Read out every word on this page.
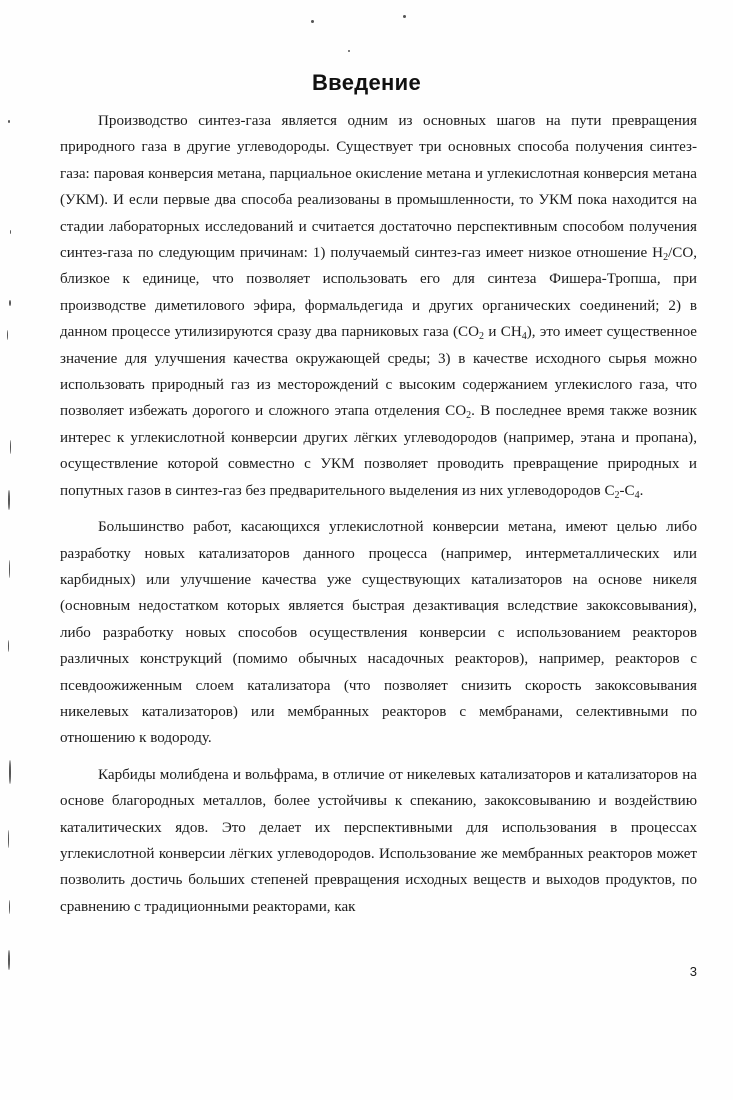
Введение

Производство синтез-газа является одним из основных шагов на пути превращения природного газа в другие углеводороды. Существует три основных способа получения синтез-газа: паровая конверсия метана, парциальное окисление метана и углекислотная конверсия метана (УКМ). И если первые два способа реализованы в промышленности, то УКМ пока находится на стадии лабораторных исследований и считается достаточно перспективным способом получения синтез-газа по следующим причинам: 1) получаемый синтез-газ имеет низкое отношение $H_2/CO$, близкое к единице, что позволяет использовать его для синтеза Фишера-Тропша, при производстве диметилового эфира, формальдегида и других органических соединений; 2) в данном процессе утилизируются сразу два парниковых газа ($CO_2$ и $CH_4$), это имеет существенное значение для улучшения качества окружающей среды; 3) в качестве исходного сырья можно использовать природный газ из месторождений с высоким содержанием углекислого газа, что позволяет избежать дорогого и сложного этапа отделения $CO_2$. В последнее время также возник интерес к углекислотной конверсии других лёгких углеводородов (например, этана и пропана), осуществление которой совместно с УКМ позволяет проводить превращение природных и попутных газов в синтез-газ без предварительного выделения из них углеводородов $C_2-C_4$.

Большинство работ, касающихся углекислотной конверсии метана, имеют целью либо разработку новых катализаторов данного процесса (например, интерметаллических или карбидных) или улучшение качества уже существующих катализаторов на основе никеля (основным недостатком которых является быстрая дезактивация вследствие закоксовывания), либо разработку новых способов осуществления конверсии с использованием реакторов различных конструкций (помимо обычных насадочных реакторов), например, реакторов с псевдоожиженным слоем катализатора (что позволяет снизить скорость закоксовывания никелевых катализаторов) или мембранных реакторов с мембранами, селективными по отношению к водороду.

Карбиды молибдена и вольфрама, в отличие от никелевых катализаторов и катализаторов на основе благородных металлов, более устойчивы к спеканию, закоксовыванию и воздействию каталитических ядов. Это делает их перспективными для использования в процессах углекислотной конверсии лёгких углеводородов. Использование же мембранных реакторов может позволить достичь больших степеней превращения исходных веществ и выходов продуктов, по сравнению с традиционными реакторами, как

3
